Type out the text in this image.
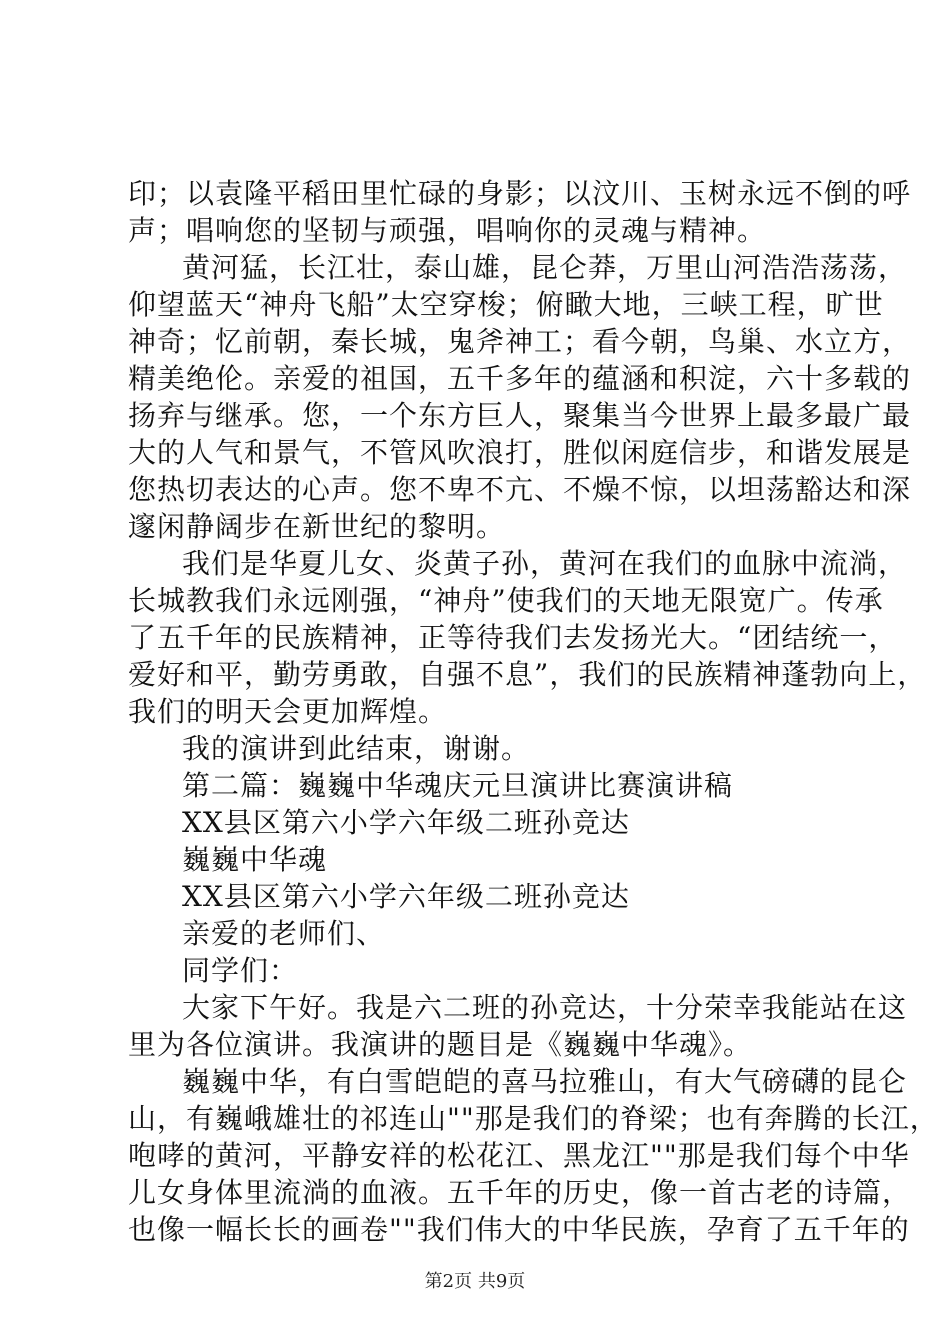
印；以袁隆平稻田里忙碌的身影；以汶川、玉树永远不倒的呼
声；唱响您的坚韧与顽强，唱响你的灵魂与精神。
黄河猛，长江壮，泰山雄，昆仑莽，万里山河浩浩荡荡，
仰望蓝天“神舟飞船”太空穿梭；俯瞰大地，三峡工程，旷世
神奇；忆前朝，秦长城，鬼斧神工；看今朝，鸟巢、水立方，
精美绝伦。亲爱的祖国，五千多年的蕴涵和积淀，六十多载的
扬弃与继承。您，一个东方巨人，聚集当今世界上最多最广最
大的人气和景气，不管风吹浪打，胜似闲庭信步，和谐发展是
您热切表达的心声。您不卑不亢、不燥不惊，以坦荡豁达和深
邃闲静阔步在新世纪的黎明。
我们是华夏儿女、炎黄子孙，黄河在我们的血脉中流淌，
长城教我们永远刚强，“神舟”使我们的天地无限宽广。传承
了五千年的民族精神，正等待我们去发扬光大。“团结统一，
爱好和平，勤劳勇敢，自强不息”，我们的民族精神蓬勃向上，
我们的明天会更加辉煌。
我的演讲到此结束，谢谢。
第二篇：巍巍中华魂庆元旦演讲比赛演讲稿
XX县区第六小学六年级二班孙竞达
巍巍中华魂
XX县区第六小学六年级二班孙竞达
亲爱的老师们、
同学们：
大家下午好。我是六二班的孙竞达，十分荣幸我能站在这
里为各位演讲。我演讲的题目是《巍巍中华魂》。
巍巍中华，有白雪皑皑的喜马拉雅山，有大气磅礴的昆仑
山，有巍峨雄壮的祁连山""那是我们的脊梁；也有奔腾的长江，
咆哮的黄河，平静安祥的松花江、黑龙江""那是我们每个中华
儿女身体里流淌的血液。五千年的历史，像一首古老的诗篇，
也像一幅长长的画卷""我们伟大的中华民族，孕育了五千年的
第2页 共9页
